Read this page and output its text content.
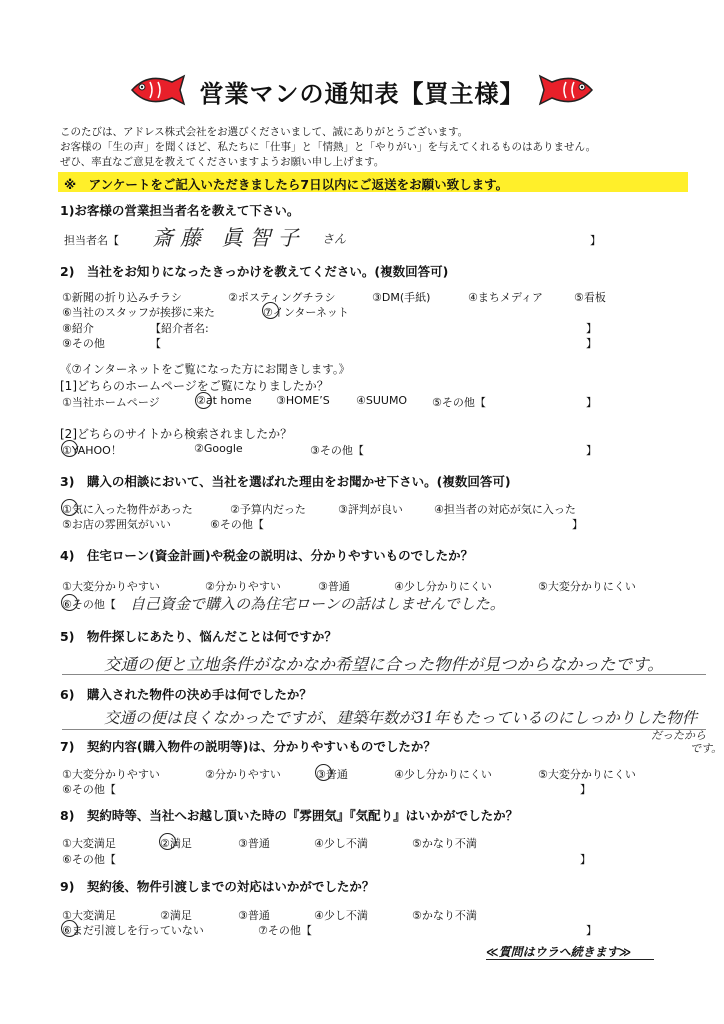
営業マンの通知表【買主様】
このたびは、アドレス株式会社をお選びくださいまして、誠にありがとうございます。
お客様の「生の声」を聞くほど、私たちに「仕事」と「情熱」と「やりがい」を与えてくれるものはありません。
ぜひ、率直なご意見を教えてくださいますようお願い申し上げます。
※　アンケートをご記入いただきましたら7日以内にご返送をお願い致します。
1)お客様の営業担当者名を教えて下さい。
担当者名【 斎藤 眞智子 さん	】
2)　当社をお知りになったきっかけを教えてください。(複数回答可)
①新聞の折り込みチラシ	②ポスティングチラシ	③DM(手紙)	④まちメディア	⑤看板
⑥当社のスタッフが挨拶に来た	⑦インターネット
⑧紹介	【紹介者名:	】
⑨その他	【	】
《⑦インターネットをご覧になった方にお聞きします。》
[1]どちらのホームページをご覧になりましたか？
①当社ホームページ	②at home ③HOME’S ④SUUMO ⑤その他【	】
[2]どちらのサイトから検索されましたか？
①YAHOO！	②Google	③その他【	】
3)　購入の相談において、当社を選ばれた理由をお聞かせ下さい。(複数回答可)
①気に入った物件があった	②予算内だった	③評判が良い	④担当者の対応が気に入った
⑤お店の雰囲気がいい	⑥その他【	】
4)　住宅ローン(資金計画)や税金の説明は、分かりやすいものでしたか？
①大変分かりやすい	②分かりやすい	③普通	④少し分かりにくい	⑤大変分かりにくい
⑥その他【 自己資金で購入の為住宅ローンの話はしませんでした。
5)　物件探しにあたり、悩んだことは何ですか？
交通の便と立地条件がなかなか希望に合った物件が見つからなかったです。
6)　購入された物件の決め手は何でしたか？
交通の便は良くなかったですが、建築年数が31年もたっているのにしっかりした物件
だったから
です。
7)　契約内容(購入物件の説明等)は、分かりやすいものでしたか？
①大変分かりやすい	②分かりやすい	③普通	④少し分かりにくい	⑤大変分かりにくい
⑥その他【	】
8)　契約時等、当社へお越し頂いた時の『雰囲気』『気配り』はいかがでしたか？
①大変満足	②満足	③普通	④少し不満	⑤かなり不満
⑥その他【	】
9)　契約後、物件引渡しまでの対応はいかがでしたか？
①大変満足	②満足	③普通	④少し不満	⑤かなり不満
⑥まだ引渡しを行っていない	⑦その他【	】
≪質問はウラへ続きます≫
